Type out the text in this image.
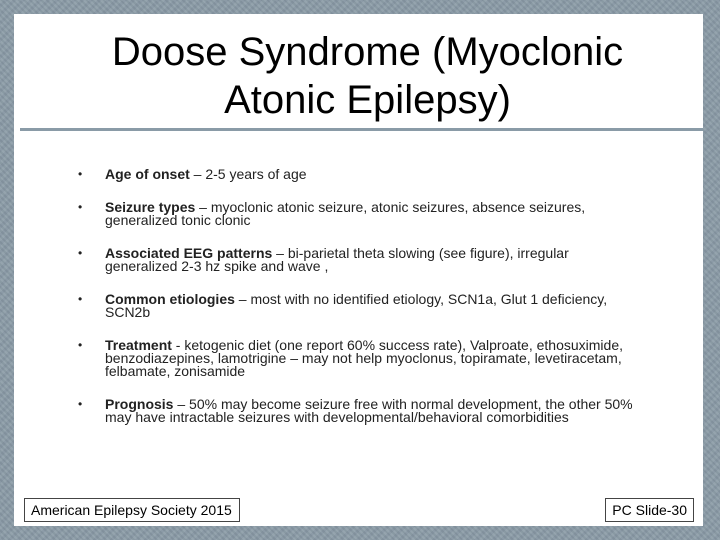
Doose Syndrome (Myoclonic
Atonic Epilepsy)
• Age of onset – 2-5 years of age
• Seizure types – myoclonic atonic seizure, atonic seizures, absence seizures, generalized tonic clonic
• Associated EEG patterns – bi-parietal theta slowing (see figure), irregular generalized 2-3 hz spike and wave ,
• Common etiologies – most with no identified etiology, SCN1a, Glut 1 deficiency, SCN2b
• Treatment - ketogenic diet (one report 60% success rate), Valproate, ethosuximide, benzodiazepines, lamotrigine – may not help myoclonus, topiramate, levetiracetam, felbamate, zonisamide
• Prognosis – 50% may become seizure free with normal development, the other 50% may have intractable seizures with developmental/behavioral comorbidities
American Epilepsy Society 2015	PC Slide-30
